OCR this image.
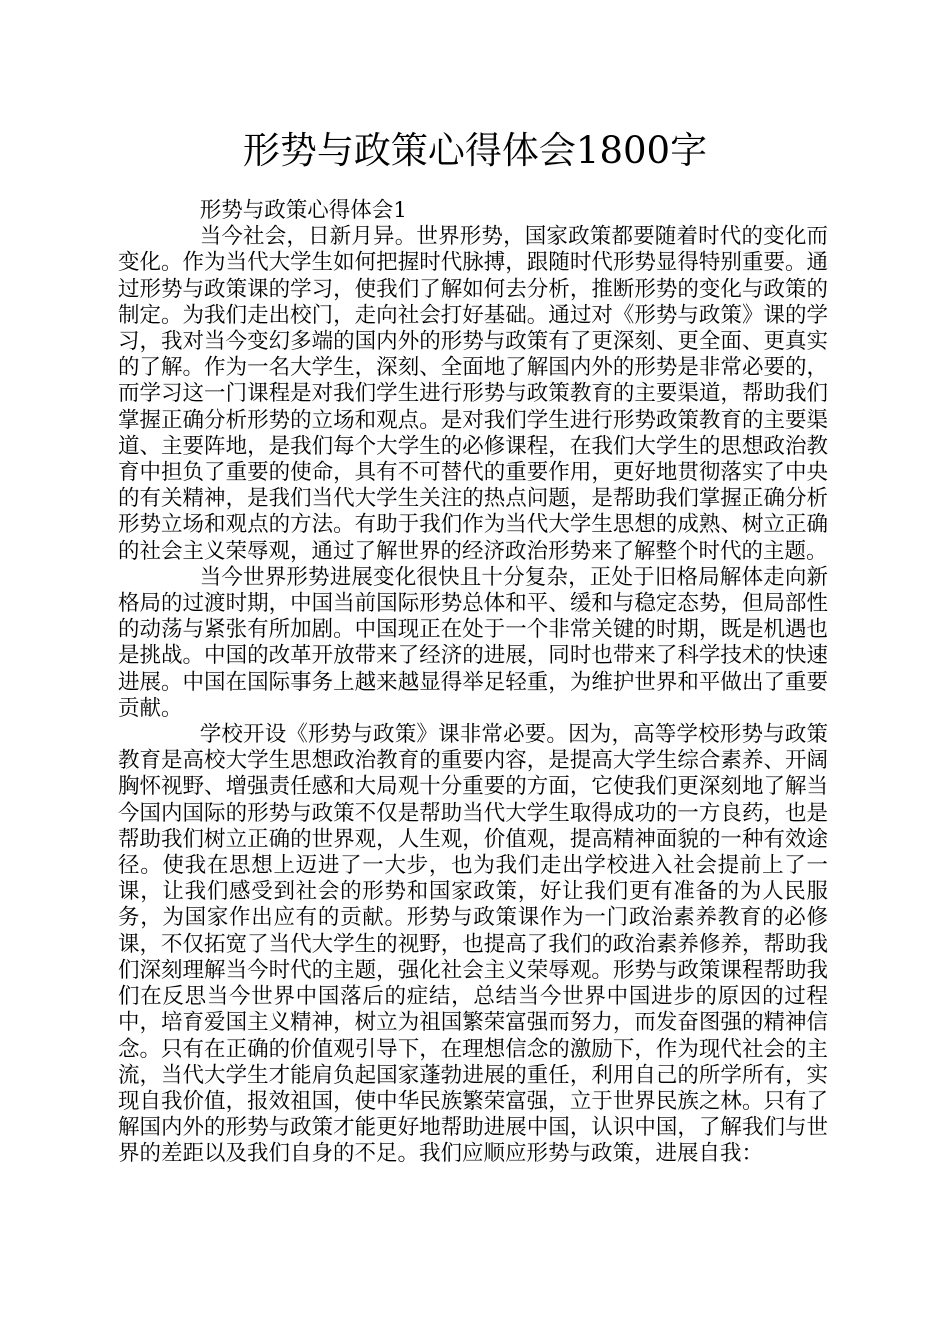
形势与政策心得体会1800字

形势与政策心得体会1

当今社会，日新月异。世界形势，国家政策都要随着时代的变化而变化。作为当代大学生如何把握时代脉搏，跟随时代形势显得特别重要。通过形势与政策课的学习，使我们了解如何去分析，推断形势的变化与政策的制定。为我们走出校门，走向社会打好基础。通过对《形势与政策》课的学习，我对当今变幻多端的国内外的形势与政策有了更深刻、更全面、更真实的了解。作为一名大学生，深刻、全面地了解国内外的形势是非常必要的，而学习这一门课程是对我们学生进行形势与政策教育的主要渠道，帮助我们掌握正确分析形势的立场和观点。是对我们学生进行形势政策教育的主要渠道、主要阵地，是我们每个大学生的必修课程，在我们大学生的思想政治教育中担负了重要的使命，具有不可替代的重要作用，更好地贯彻落实了中央的有关精神，是我们当代大学生关注的热点问题，是帮助我们掌握正确分析形势立场和观点的方法。有助于我们作为当代大学生思想的成熟、树立正确的社会主义荣辱观，通过了解世界的经济政治形势来了解整个时代的主题。

当今世界形势进展变化很快且十分复杂，正处于旧格局解体走向新格局的过渡时期，中国当前国际形势总体和平、缓和与稳定态势，但局部性的动荡与紧张有所加剧。中国现正在处于一个非常关键的时期，既是机遇也是挑战。中国的改革开放带来了经济的进展，同时也带来了科学技术的快速进展。中国在国际事务上越来越显得举足轻重，为维护世界和平做出了重要贡献。

学校开设《形势与政策》课非常必要。因为，高等学校形势与政策教育是高校大学生思想政治教育的重要内容，是提高大学生综合素养、开阔胸怀视野、增强责任感和大局观十分重要的方面，它使我们更深刻地了解当今国内国际的形势与政策不仅是帮助当代大学生取得成功的一方良药，也是帮助我们树立正确的世界观，人生观，价值观，提高精神面貌的一种有效途径。使我在思想上迈进了一大步，也为我们走出学校进入社会提前上了一课，让我们感受到社会的形势和国家政策，好让我们更有准备的为人民服务，为国家作出应有的贡献。形势与政策课作为一门政治素养教育的必修课，不仅拓宽了当代大学生的视野，也提高了我们的政治素养修养，帮助我们深刻理解当今时代的主题，强化社会主义荣辱观。形势与政策课程帮助我们在反思当今世界中国落后的症结，总结当今世界中国进步的原因的过程中，培育爱国主义精神，树立为祖国繁荣富强而努力，而发奋图强的精神信念。只有在正确的价值观引导下，在理想信念的激励下，作为现代社会的主流，当代大学生才能肩负起国家蓬勃进展的重任，利用自己的所学所有，实现自我价值，报效祖国，使中华民族繁荣富强，立于世界民族之林。只有了解国内外的形势与政策才能更好地帮助进展中国，认识中国，了解我们与世界的差距以及我们自身的不足。我们应顺应形势与政策，进展自我：
